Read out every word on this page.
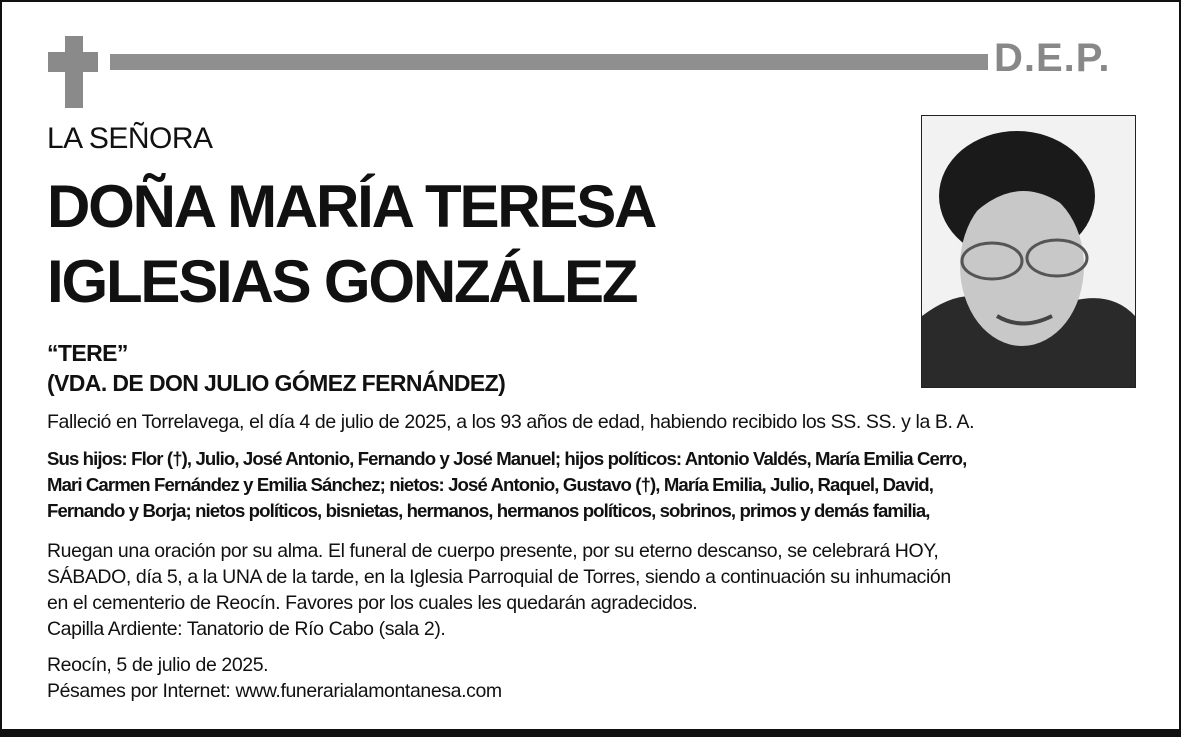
D.E.P.
LA SEÑORA
DOÑA MARÍA TERESA
IGLESIAS GONZÁLEZ
“TERE”
(VDA. DE DON JULIO GÓMEZ FERNÁNDEZ)
Falleció en Torrelavega, el día 4 de julio de 2025, a los 93 años de edad, habiendo recibido los SS. SS. y la B. A.
Sus hijos: Flor (†), Julio, José Antonio, Fernando y José Manuel; hijos políticos: Antonio Valdés, María Emilia Cerro,
Mari Carmen Fernández y Emilia Sánchez; nietos: José Antonio, Gustavo (†), María Emilia, Julio, Raquel, David,
Fernando y Borja; nietos políticos, bisnietas, hermanos, hermanos políticos, sobrinos, primos y demás familia,
Ruegan una oración por su alma. El funeral de cuerpo presente, por su eterno descanso, se celebrará HOY,
SÁBADO, día 5, a la UNA de la tarde, en la Iglesia Parroquial de Torres, siendo a continuación su inhumación
en el cementerio de Reocín. Favores por los cuales les quedarán agradecidos.
Capilla Ardiente: Tanatorio de Río Cabo (sala 2).
Reocín, 5 de julio de 2025.
Pésames por Internet: www.funerarialamontanesa.com
